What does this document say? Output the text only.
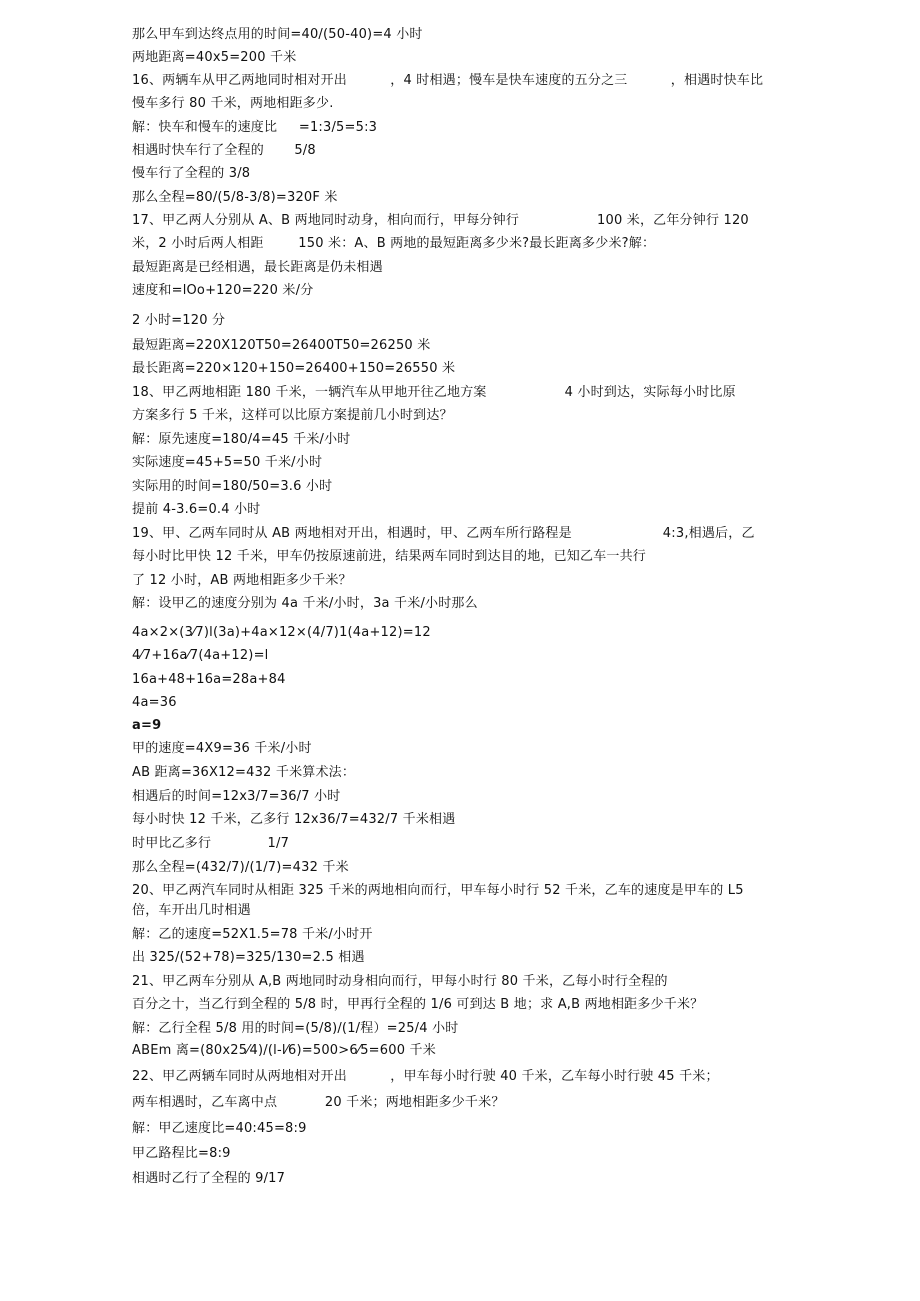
那么甲车到达终点用的时间=40/(50-40)=4 小时
两地距离=40x5=200 千米
16、两辆车从甲乙两地同时相对开出          ，4 时相遇；慢车是快车速度的五分之三          ，相遇时快车比
慢车多行 80 千米，两地相距多少.
解：快车和慢车的速度比     =1:3/5=5:3
相遇时快车行了全程的       5/8
慢车行了全程的 3/8
那么全程=80/(5/8-3/8)=320F 米
17、甲乙两人分别从 A、B 两地同时动身，相向而行，甲每分钟行                  100 米，乙年分钟行 120
米，2 小时后两人相距        150 米：A、B 两地的最短距离多少米?最长距离多少米?解：
最短距离是已经相遇，最长距离是仍未相遇
速度和=lOo+120=220 米/分
2 小时=120 分
最短距离=220X120T50=26400T50=26250 米
最长距离=220×120+150=26400+150=26550 米
18、甲乙两地相距 180 千米，一辆汽车从甲地开往乙地方案                  4 小时到达，实际每小时比原
方案多行 5 千米，这样可以比原方案提前几小时到达？
解：原先速度=180/4=45 千米/小时
实际速度=45+5=50 千米/小时
实际用的时间=180/50=3.6 小时
提前 4-3.6=0.4 小时
19、甲、乙两车同时从 AB 两地相对开出，相遇时，甲、乙两车所行路程是                     4:3,相遇后，乙
每小时比甲快 12 千米，甲车仍按原速前进，结果两车同时到达目的地，已知乙车一共行
了 12 小时，AB 两地相距多少千米？
解：设甲乙的速度分别为 4a 千米/小时，3a 千米/小时那么
4a×2×(3⁄7)l(3a)+4a×12×(4/7)1(4a+12)=12
4⁄7+16a⁄7(4a+12)=l
16a+48+16a=28a+84
4a=36
a=9
甲的速度=4X9=36 千米/小时
AB 距离=36X12=432 千米算术法：
相遇后的时间=12x3/7=36/7 小时
每小时快 12 千米，乙多行 12x36/7=432/7 千米相遇
时甲比乙多行             1/7
那么全程=(432/7)/(1/7)=432 千米
20、甲乙两汽车同时从相距 325 千米的两地相向而行，甲车每小时行 52 千米，乙车的速度是甲车的 L5
倍，车开出几时相遇
解：乙的速度=52X1.5=78 千米/小时开
出 325/(52+78)=325/130=2.5 相遇
21、甲乙两车分别从 A,B 两地同时动身相向而行，甲每小时行 80 千米，乙每小时行全程的
百分之十，当乙行到全程的 5/8 时，甲再行全程的 1/6 可到达 B 地；求 A,B 两地相距多少千米？
解：乙行全程 5/8 用的时间=(5/8)/(1/程）=25/4 小时
ABEm 离=(80x25⁄4)/(l-l⁄6)=500>6⁄5=600 千米
22、甲乙两辆车同时从两地相对开出          ，甲车每小时行驶 40 千米，乙车每小时行驶 45 千米；
两车相遇时，乙车离中点           20 千米；两地相距多少千米？
解：甲乙速度比=40:45=8:9
甲乙路程比=8:9
相遇时乙行了全程的 9/17
